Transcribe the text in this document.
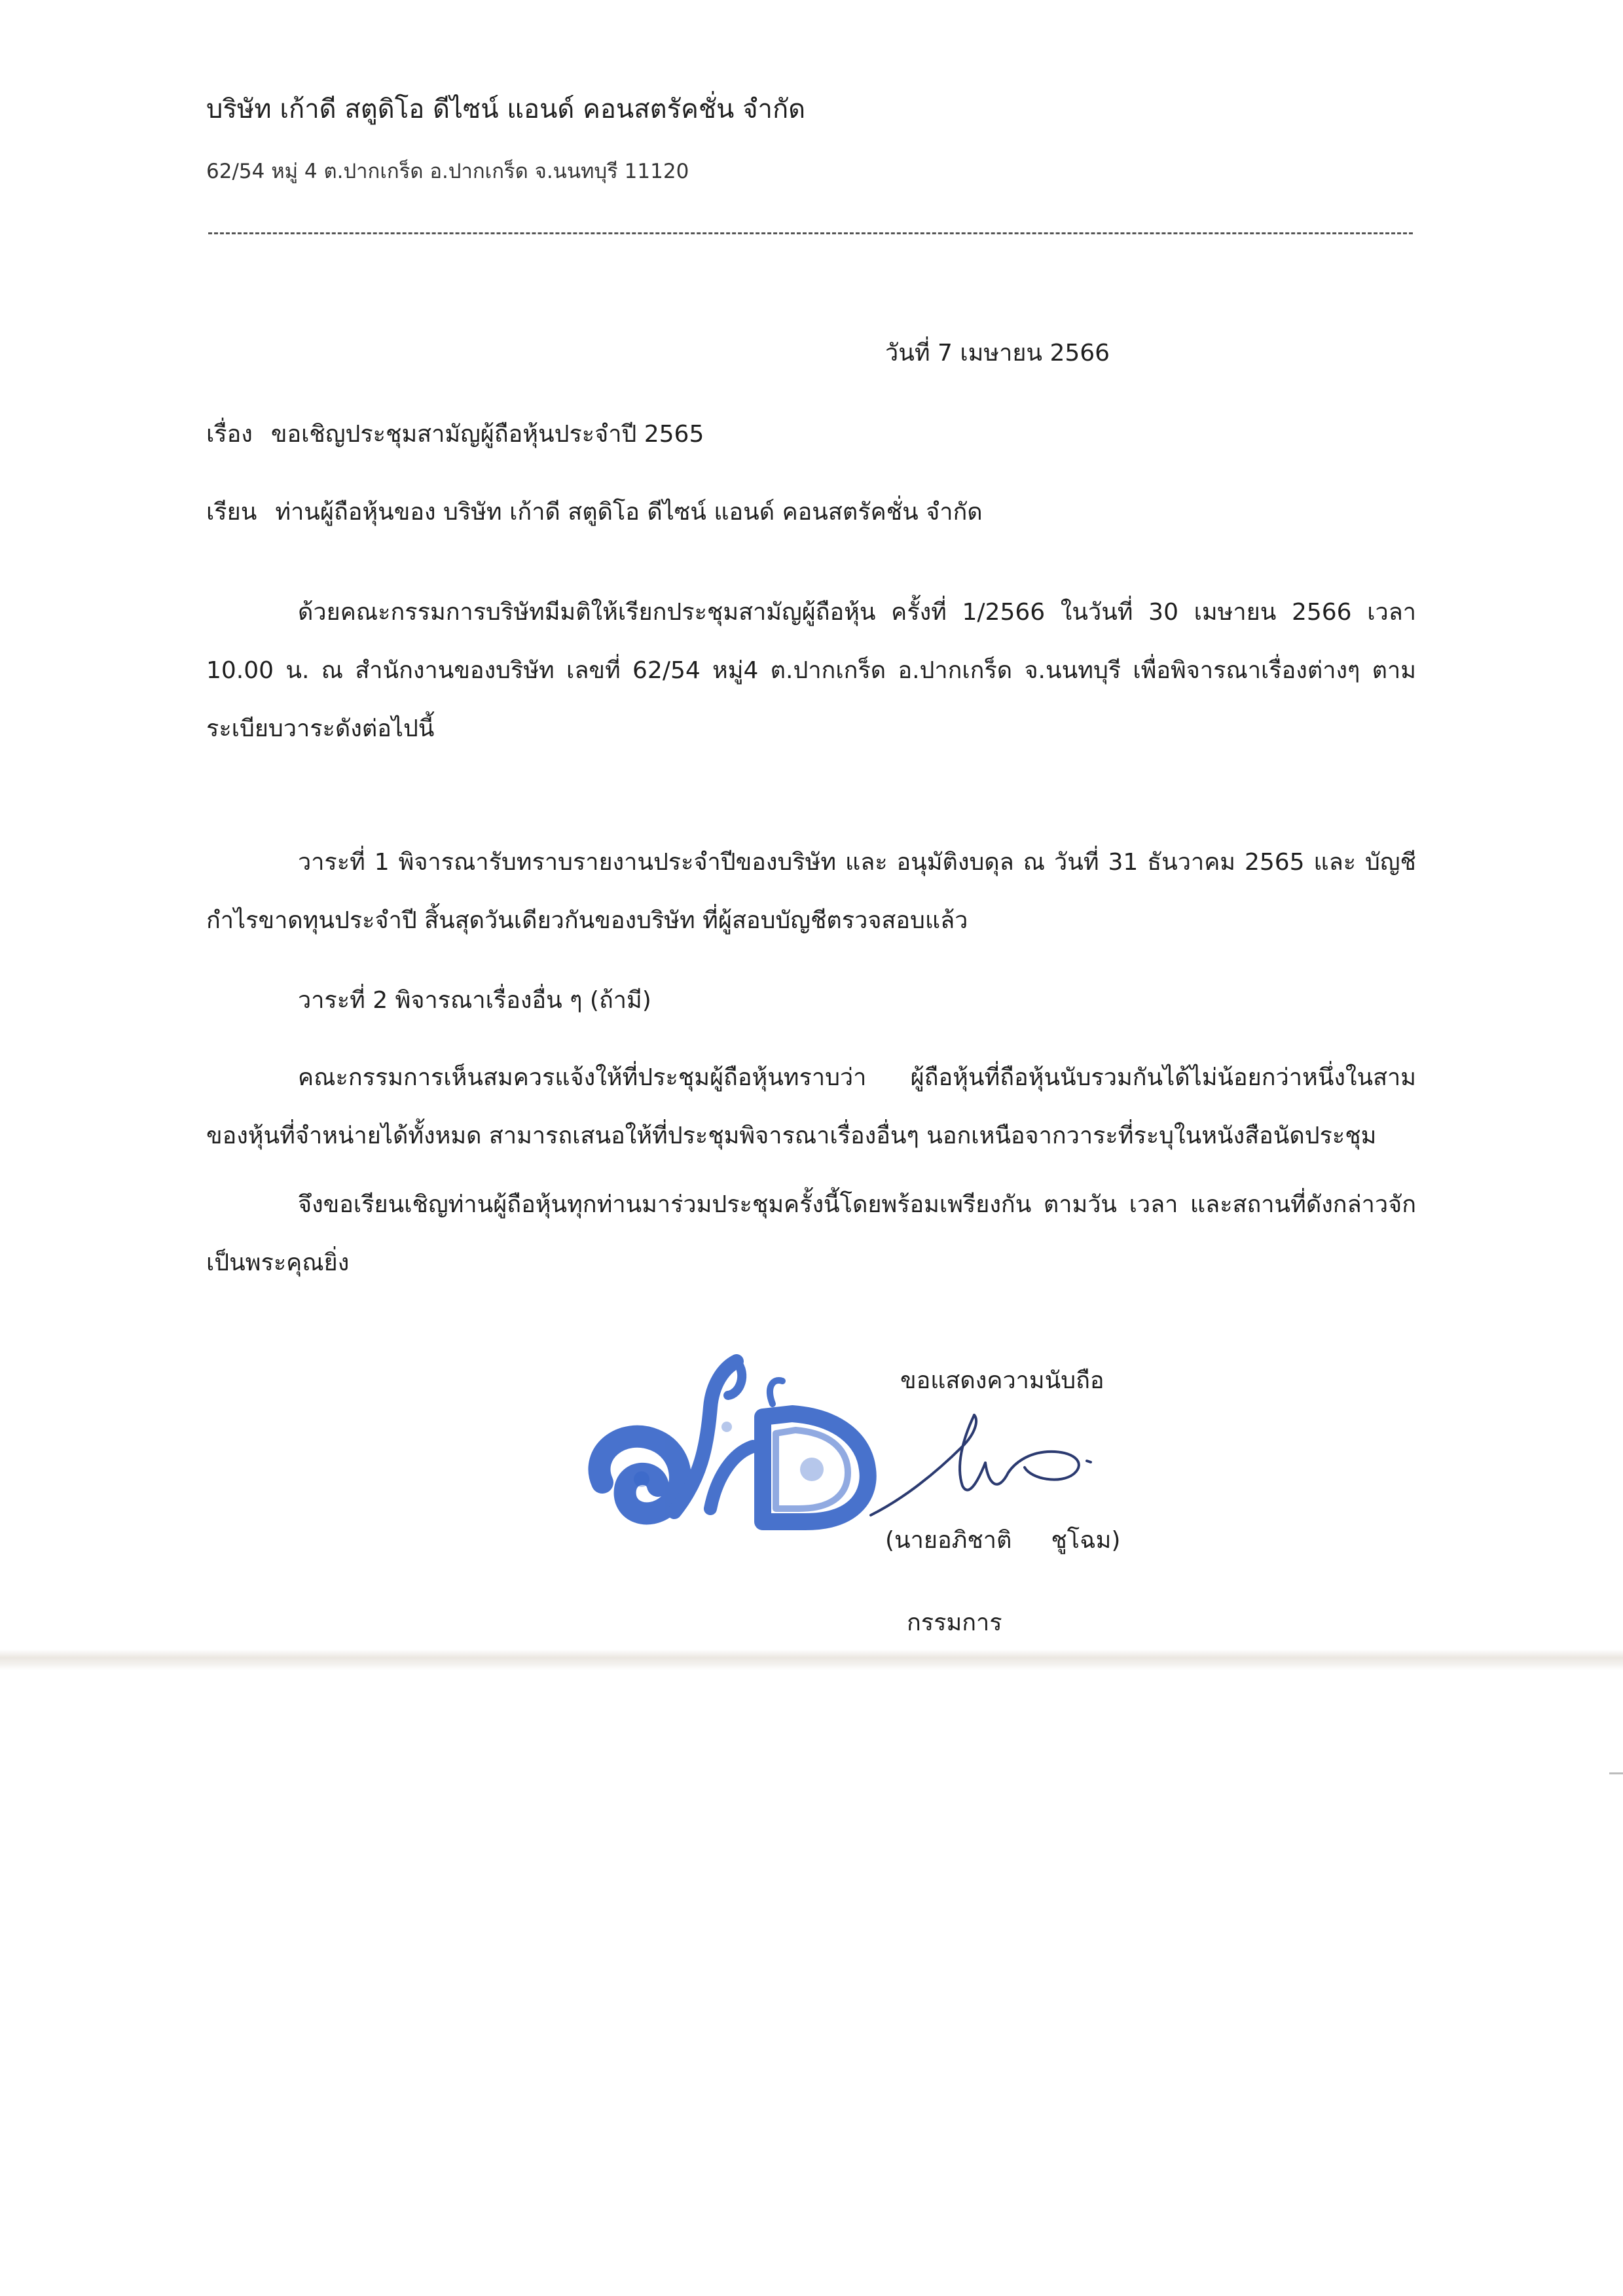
บริษัท เก้าดี สตูดิโอ ดีไซน์ แอนด์ คอนสตรัคชั่น จำกัด
62/54 หมู่ 4 ต.ปากเกร็ด อ.ปากเกร็ด จ.นนทบุรี 11120
วันที่ 7 เมษายน 2566
เรื่อง ขอเชิญประชุมสามัญผู้ถือหุ้นประจำปี 2565
เรียน ท่านผู้ถือหุ้นของ บริษัท เก้าดี สตูดิโอ ดีไซน์ แอนด์ คอนสตรัคชั่น จำกัด

ด้วยคณะกรรมการบริษัทมีมติให้เรียกประชุมสามัญผู้ถือหุ้น ครั้งที่ 1/2566 ในวันที่ 30 เมษายน 2566 เวลา 10.00 น. ณ สำนักงานของบริษัท เลขที่ 62/54 หมู่4 ต.ปากเกร็ด อ.ปากเกร็ด จ.นนทบุรี เพื่อพิจารณาเรื่องต่างๆ ตามระเบียบวาระดังต่อไปนี้

วาระที่ 1 พิจารณารับทราบรายงานประจำปีของบริษัท และ อนุมัติงบดุล ณ วันที่ 31 ธันวาคม 2565 และ บัญชีกำไรขาดทุนประจำปี สิ้นสุดวันเดียวกันของบริษัท ที่ผู้สอบบัญชีตรวจสอบแล้ว

วาระที่ 2 พิจารณาเรื่องอื่น ๆ (ถ้ามี)

คณะกรรมการเห็นสมควรแจ้งให้ที่ประชุมผู้ถือหุ้นทราบว่า ผู้ถือหุ้นที่ถือหุ้นนับรวมกันได้ไม่น้อยกว่าหนึ่งในสามของหุ้นที่จำหน่ายได้ทั้งหมด สามารถเสนอให้ที่ประชุมพิจารณาเรื่องอื่นๆ นอกเหนือจากวาระที่ระบุในหนังสือนัดประชุม

จึงขอเรียนเชิญท่านผู้ถือหุ้นทุกท่านมาร่วมประชุมครั้งนี้โดยพร้อมเพรียงกัน ตามวัน เวลา และสถานที่ดังกล่าวจักเป็นพระคุณยิ่ง

ขอแสดงความนับถือ
(นายอภิชาติ ชูโฉม)
กรรมการ
